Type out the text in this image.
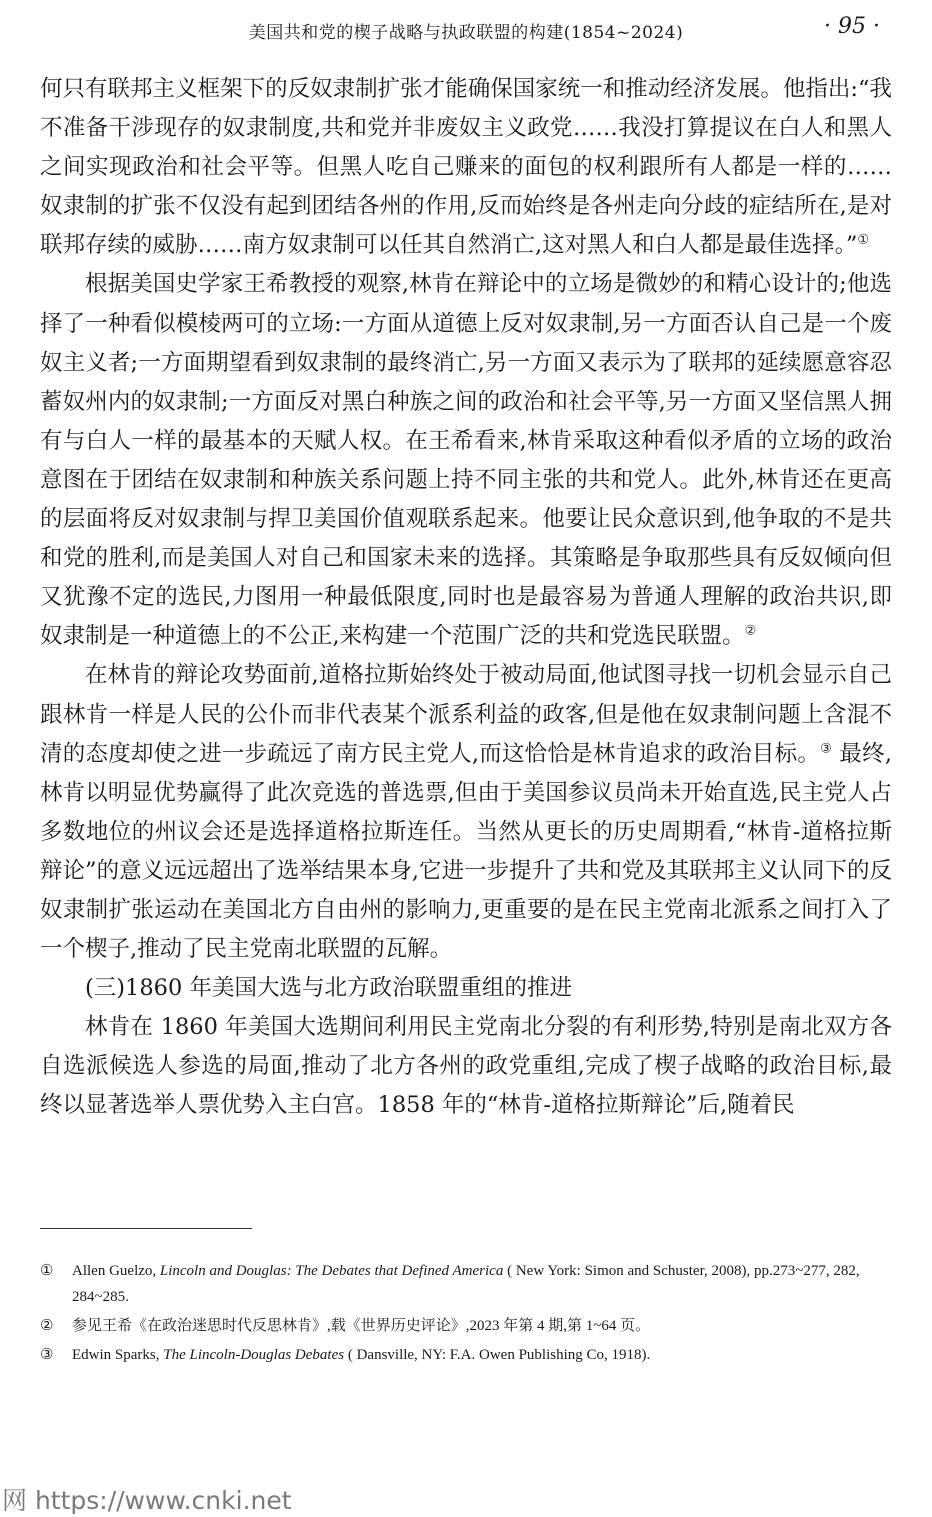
美国共和党的楔子战略与执政联盟的构建(1854~2024)	· 95 ·

何只有联邦主义框架下的反奴隶制扩张才能确保国家统一和推动经济发展。他指出:“我不准备干涉现存的奴隶制度,共和党并非废奴主义政党……我没打算提议在白人和黑人之间实现政治和社会平等。但黑人吃自己赚来的面包的权利跟所有人都是一样的……奴隶制的扩张不仅没有起到团结各州的作用,反而始终是各州走向分歧的症结所在,是对联邦存续的威胁……南方奴隶制可以任其自然消亡,这对黑人和白人都是最佳选择。”①

根据美国史学家王希教授的观察,林肯在辩论中的立场是微妙的和精心设计的;他选择了一种看似模棱两可的立场:一方面从道德上反对奴隶制,另一方面否认自己是一个废奴主义者;一方面期望看到奴隶制的最终消亡,另一方面又表示为了联邦的延续愿意容忍蓄奴州内的奴隶制;一方面反对黑白种族之间的政治和社会平等,另一方面又坚信黑人拥有与白人一样的最基本的天赋人权。在王希看来,林肯采取这种看似矛盾的立场的政治意图在于团结在奴隶制和种族关系问题上持不同主张的共和党人。此外,林肯还在更高的层面将反对奴隶制与捍卫美国价值观联系起来。他要让民众意识到,他争取的不是共和党的胜利,而是美国人对自己和国家未来的选择。其策略是争取那些具有反奴倾向但又犹豫不定的选民,力图用一种最低限度,同时也是最容易为普通人理解的政治共识,即奴隶制是一种道德上的不公正,来构建一个范围广泛的共和党选民联盟。②

在林肯的辩论攻势面前,道格拉斯始终处于被动局面,他试图寻找一切机会显示自己跟林肯一样是人民的公仆而非代表某个派系利益的政客,但是他在奴隶制问题上含混不清的态度却使之进一步疏远了南方民主党人,而这恰恰是林肯追求的政治目标。③ 最终,林肯以明显优势赢得了此次竞选的普选票,但由于美国参议员尚未开始直选,民主党人占多数地位的州议会还是选择道格拉斯连任。当然从更长的历史周期看,“林肯-道格拉斯辩论”的意义远远超出了选举结果本身,它进一步提升了共和党及其联邦主义认同下的反奴隶制扩张运动在美国北方自由州的影响力,更重要的是在民主党南北派系之间打入了一个楔子,推动了民主党南北联盟的瓦解。

(三)1860 年美国大选与北方政治联盟重组的推进

林肯在 1860 年美国大选期间利用民主党南北分裂的有利形势,特别是南北双方各自选派候选人参选的局面,推动了北方各州的政党重组,完成了楔子战略的政治目标,最终以显著选举人票优势入主白宫。1858 年的“林肯-道格拉斯辩论”后,随着民

①	Allen Guelzo, Lincoln and Douglas: The Debates that Defined America ( New York: Simon and Schuster, 2008), pp.273~277, 282, 284~285.
②	参见王希《在政治迷思时代反思林肯》,载《世界历史评论》,2023 年第 4 期,第 1~64 页。
③	Edwin Sparks, The Lincoln-Douglas Debates ( Dansville, NY: F.A. Owen Publishing Co, 1918).
网 https://www.cnki.net
